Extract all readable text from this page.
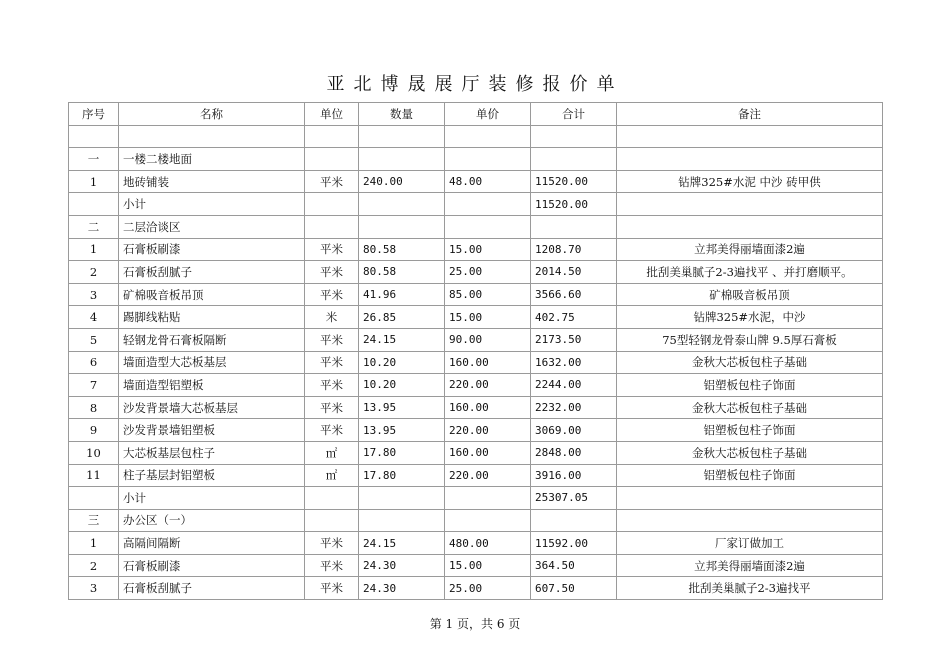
亚北博晟展厅装修报价单
序号	名称	单位	数量	单价	合计	备注

一	一楼二楼地面					
1	地砖铺装	平米	240.00	48.00	11520.00	钻牌325#水泥 中沙 砖甲供
	小计				11520.00	
二	二层洽谈区					
1	石膏板刷漆	平米	80.58	15.00	1208.70	立邦美得丽墙面漆2遍
2	石膏板刮腻子	平米	80.58	25.00	2014.50	批刮美巢腻子2-3遍找平 、并打磨顺平。
3	矿棉吸音板吊顶	平米	41.96	85.00	3566.60	矿棉吸音板吊顶
4	踢脚线粘贴	米	26.85	15.00	402.75	钻牌325#水泥，中沙
5	轻钢龙骨石膏板隔断	平米	24.15	90.00	2173.50	75型轻钢龙骨泰山牌 9.5厚石膏板
6	墙面造型大芯板基层	平米	10.20	160.00	1632.00	金秋大芯板包柱子基础
7	墙面造型铝塑板	平米	10.20	220.00	2244.00	铝塑板包柱子饰面
8	沙发背景墙大芯板基层	平米	13.95	160.00	2232.00	金秋大芯板包柱子基础
9	沙发背景墙铝塑板	平米	13.95	220.00	3069.00	铝塑板包柱子饰面
10	大芯板基层包柱子	㎡	17.80	160.00	2848.00	金秋大芯板包柱子基础
11	柱子基层封铝塑板	㎡	17.80	220.00	3916.00	铝塑板包柱子饰面
	小计				25307.05	
三	办公区（一）					
1	高隔间隔断	平米	24.15	480.00	11592.00	厂家订做加工
2	石膏板刷漆	平米	24.30	15.00	364.50	立邦美得丽墙面漆2遍
3	石膏板刮腻子	平米	24.30	25.00	607.50	批刮美巢腻子2-3遍找平
第 1 页，共 6 页
